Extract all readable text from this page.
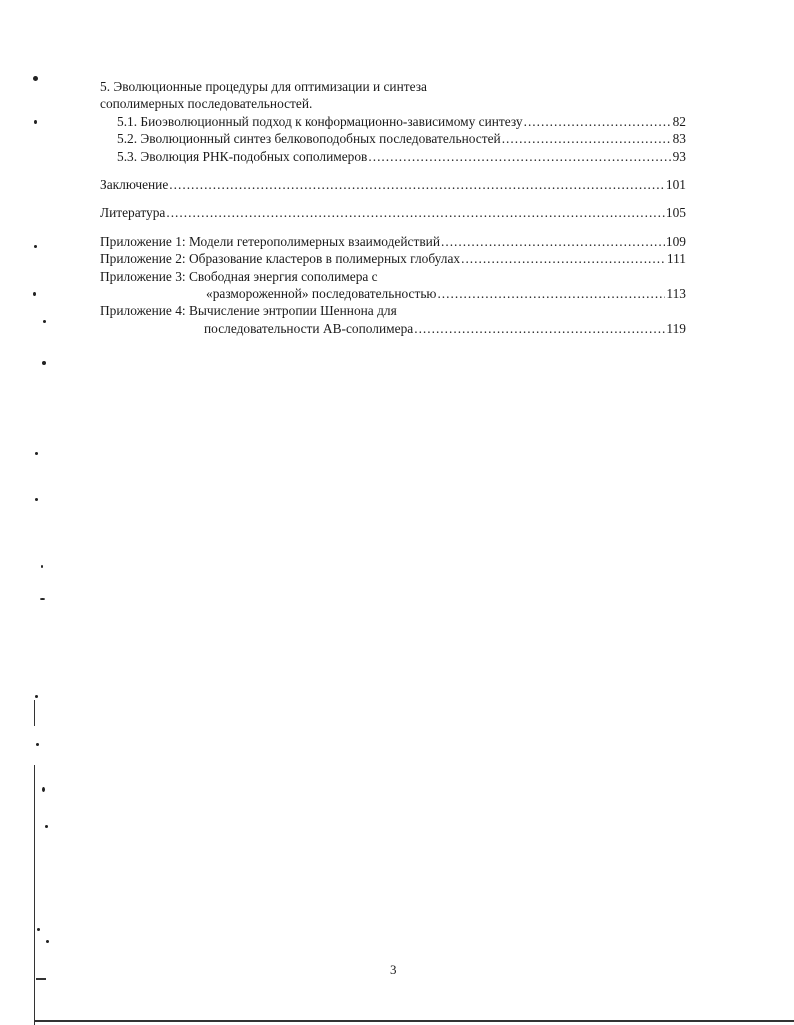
5. Эволюционные процедуры для оптимизации и синтеза
сополимерных последовательностей.
5.1. Биоэволюционный подход к конформационно-зависимому синтезу .....	82
5.2. Эволюционный синтез белковоподобных последовательностей .....	83
5.3. Эволюция РНК-подобных сополимеров .....	93
Заключение .....	101
Литература .....	105
Приложение 1: Модели гетерополимерных взаимодействий .....	109
Приложение 2: Образование кластеров в полимерных глобулах .....	111
Приложение 3: Свободная энергия сополимера с
«размороженной» последовательностью .....	113
Приложение 4: Вычисление энтропии Шеннона для
последовательности АВ-сополимера .....	119
3
